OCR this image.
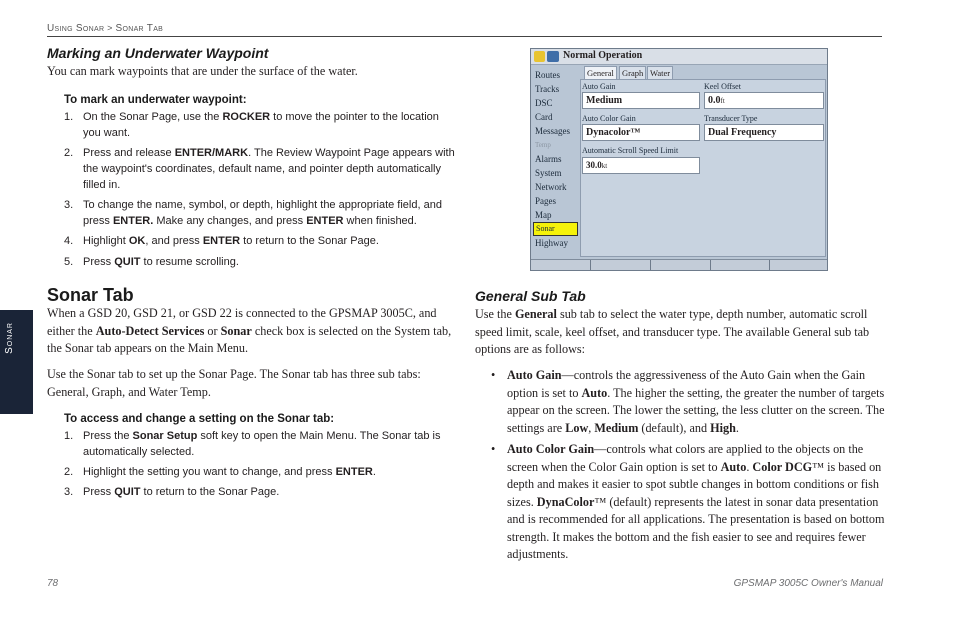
Using Sonar > Sonar Tab
Sonar
Marking an Underwater Waypoint

You can mark waypoints that are under the surface of the water.

To mark an underwater waypoint:
1. On the Sonar Page, use the ROCKER to move the pointer to the location you want.
2. Press and release ENTER/MARK. The Review Waypoint Page appears with the waypoint's coordinates, default name, and pointer depth automatically filled in.
3. To change the name, symbol, or depth, highlight the appropriate field, and press ENTER. Make any changes, and press ENTER when finished.
4. Highlight OK, and press ENTER to return to the Sonar Page.
5. Press QUIT to resume scrolling.
Sonar Tab

When a GSD 20, GSD 21, or GSD 22 is connected to the GPSMAP 3005C, and either the Auto-Detect Services or Sonar check box is selected on the System tab, the Sonar tab appears on the Main Menu.

Use the Sonar tab to set up the Sonar Page. The Sonar tab has three sub tabs: General, Graph, and Water Temp.

To access and change a setting on the Sonar tab:
1. Press the Sonar Setup soft key to open the Main Menu. The Sonar tab is automatically selected.
2. Highlight the setting you want to change, and press ENTER.
3. Press QUIT to return to the Sonar Page.
Normal Operation
Routes
Tracks
DSC
Card
Messages
Temp
Alarms
System
Network
Pages
Map
Sonar
Highway
General Graph Water
Auto Gain
Medium
Keel Offset
0.0ft
Auto Color Gain
Dynacolor™
Transducer Type
Dual Frequency
Automatic Scroll Speed Limit
30.0kt
General Sub Tab

Use the General sub tab to select the water type, depth number, automatic scroll speed limit, scale, keel offset, and transducer type. The available General sub tab options are as follows:

• Auto Gain—controls the aggressiveness of the Auto Gain when the Gain option is set to Auto. The higher the setting, the greater the number of targets appear on the screen. The lower the setting, the less clutter on the screen. The settings are Low, Medium (default), and High.
• Auto Color Gain—controls what colors are applied to the objects on the screen when the Color Gain option is set to Auto. Color DCG™ is based on depth and makes it easier to spot subtle changes in bottom conditions or fish sizes. DynaColor™ (default) represents the latest in sonar data presentation and is recommended for all applications. The presentation is based on bottom strength. It makes the bottom and the fish easier to see and requires fewer adjustments.
78	GPSMAP 3005C Owner's Manual
